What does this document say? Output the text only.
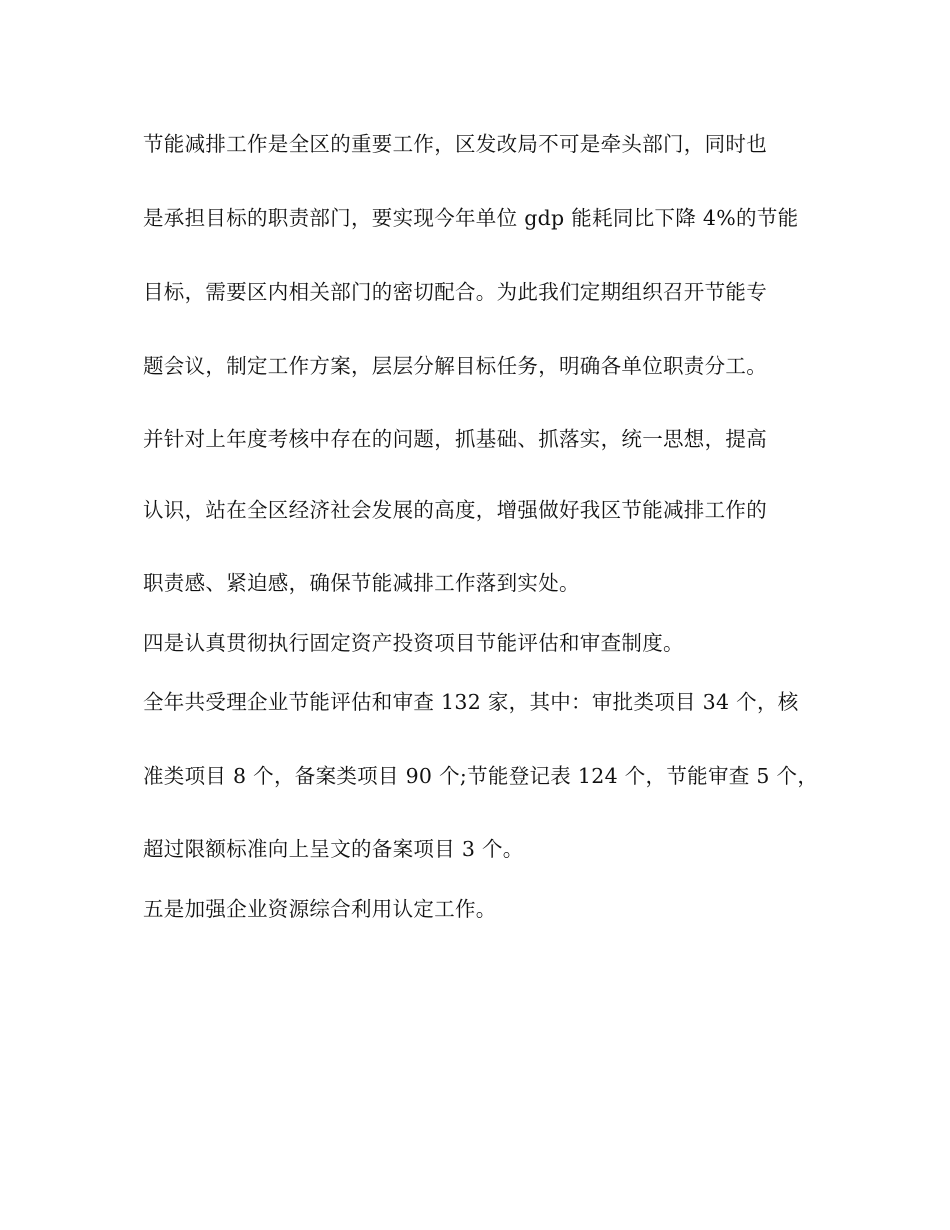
节能减排工作是全区的重要工作，区发改局不可是牵头部门，同时也
是承担目标的职责部门，要实现今年单位 gdp 能耗同比下降 4%的节能
目标，需要区内相关部门的密切配合。为此我们定期组织召开节能专
题会议，制定工作方案，层层分解目标任务，明确各单位职责分工。
并针对上年度考核中存在的问题，抓基础、抓落实，统一思想，提高
认识，站在全区经济社会发展的高度，增强做好我区节能减排工作的
职责感、紧迫感，确保节能减排工作落到实处。
四是认真贯彻执行固定资产投资项目节能评估和审查制度。
全年共受理企业节能评估和审查 132 家，其中：审批类项目 34 个，核
准类项目 8 个，备案类项目 90 个;节能登记表 124 个，节能审查 5 个，
超过限额标准向上呈文的备案项目 3 个。
五是加强企业资源综合利用认定工作。
